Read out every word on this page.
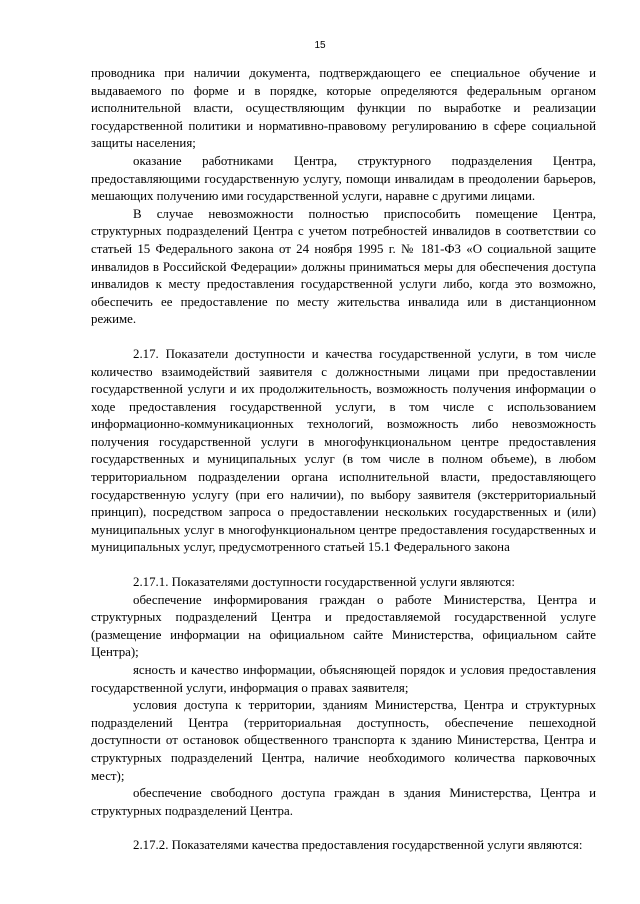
15

проводника при наличии документа, подтверждающего ее специальное обучение и выдаваемого по форме и в порядке, которые определяются федеральным органом исполнительной власти, осуществляющим функции по выработке и реализации государственной политики и нормативно-правовому регулированию в сфере социальной защиты населения;

оказание работниками Центра, структурного подразделения Центра, предоставляющими государственную услугу, помощи инвалидам в преодолении барьеров, мешающих получению ими государственной услуги, наравне с другими лицами.

В случае невозможности полностью приспособить помещение Центра, структурных подразделений Центра с учетом потребностей инвалидов в соответствии со статьей 15 Федерального закона от 24 ноября 1995 г. № 181-ФЗ «О социальной защите инвалидов в Российской Федерации» должны приниматься меры для обеспечения доступа инвалидов к месту предоставления государственной услуги либо, когда это возможно, обеспечить ее предоставление по месту жительства инвалида или в дистанционном режиме.

2.17. Показатели доступности и качества государственной услуги, в том числе количество взаимодействий заявителя с должностными лицами при предоставлении государственной услуги и их продолжительность, возможность получения информации о ходе предоставления государственной услуги, в том числе с использованием информационно-коммуникационных технологий, возможность либо невозможность получения государственной услуги в многофункциональном центре предоставления государственных и муниципальных услуг (в том числе в полном объеме), в любом территориальном подразделении органа исполнительной власти, предоставляющего государственную услугу (при его наличии), по выбору заявителя (экстерриториальный принцип), посредством запроса о предоставлении нескольких государственных и (или) муниципальных услуг в многофункциональном центре предоставления государственных и муниципальных услуг, предусмотренного статьей 15.1 Федерального закона

2.17.1. Показателями доступности государственной услуги являются:

обеспечение информирования граждан о работе Министерства, Центра и структурных подразделений Центра и предоставляемой государственной услуге (размещение информации на официальном сайте Министерства, официальном сайте Центра);

ясность и качество информации, объясняющей порядок и условия предоставления государственной услуги, информация о правах заявителя;

условия доступа к территории, зданиям Министерства, Центра и структурных подразделений Центра (территориальная доступность, обеспечение пешеходной доступности от остановок общественного транспорта к зданию Министерства, Центра и структурных подразделений Центра, наличие необходимого количества парковочных мест);

обеспечение свободного доступа граждан в здания Министерства, Центра и структурных подразделений Центра.

2.17.2. Показателями качества предоставления государственной услуги являются:
